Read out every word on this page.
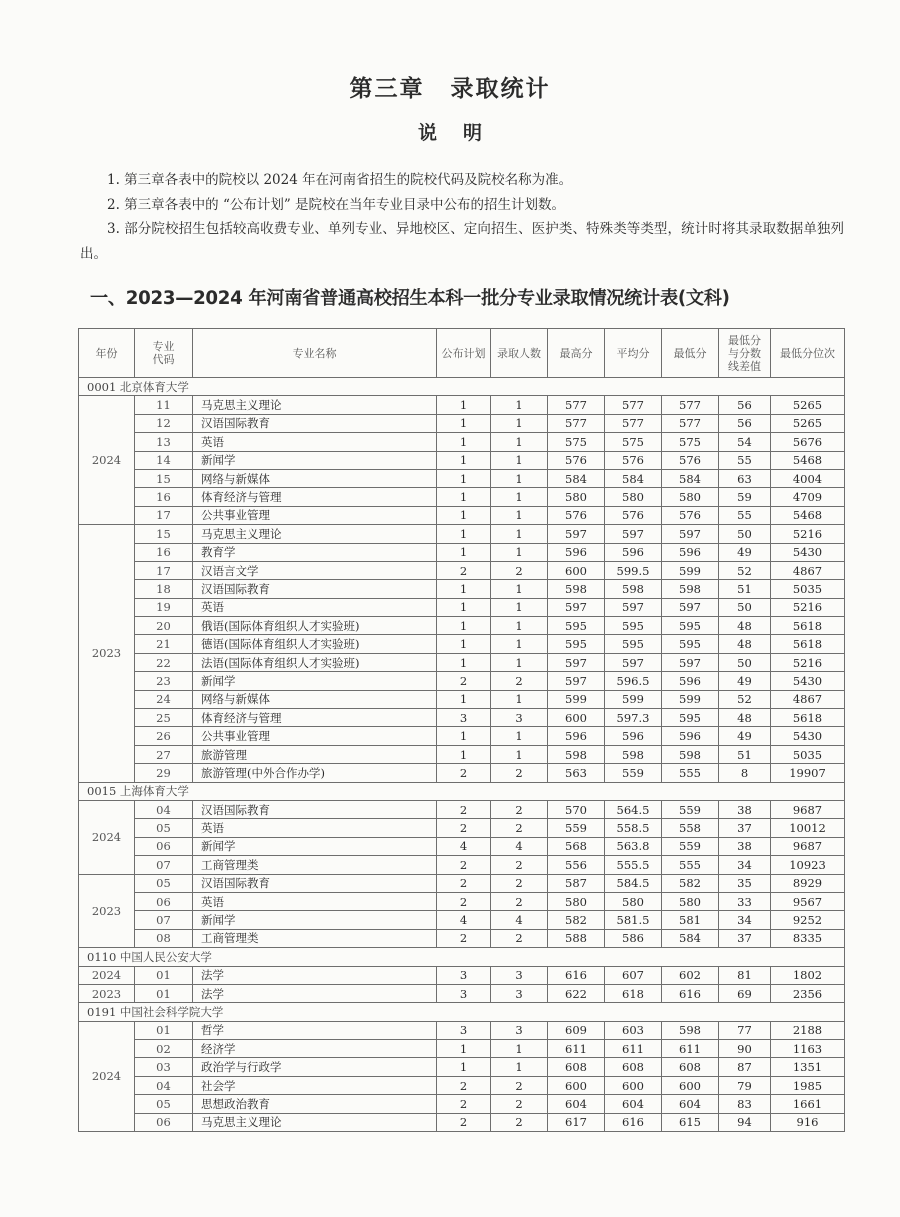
第三章 录取统计
说明

1. 第三章各表中的院校以 2024 年在河南省招生的院校代码及院校名称为准。

2. 第三章各表中的 “公布计划” 是院校在当年专业目录中公布的招生计划数。

3. 部分院校招生包括较高收费专业、单列专业、异地校区、定向招生、医护类、特殊类等类型，统计时将其录取数据单独列出。

一、2023—2024 年河南省普通高校招生本科一批分专业录取情况统计表(文科)
年份	专业代码	专业名称	公布计划	录取人数	最高分	平均分	最低分	最低分与分数线差值	最低分位次
0001 北京体育大学									
2024	11	马克思主义理论	1	1	577	577	577	56	5265
	12	汉语国际教育	1	1	577	577	577	56	5265
	13	英语	1	1	575	575	575	54	5676
	14	新闻学	1	1	576	576	576	55	5468
	15	网络与新媒体	1	1	584	584	584	63	4004
	16	体育经济与管理	1	1	580	580	580	59	4709
	17	公共事业管理	1	1	576	576	576	55	5468
2023	15	马克思主义理论	1	1	597	597	597	50	5216
	16	教育学	1	1	596	596	596	49	5430
	17	汉语言文学	2	2	600	599.5	599	52	4867
	18	汉语国际教育	1	1	598	598	598	51	5035
	19	英语	1	1	597	597	597	50	5216
	20	俄语(国际体育组织人才实验班)	1	1	595	595	595	48	5618
	21	德语(国际体育组织人才实验班)	1	1	595	595	595	48	5618
	22	法语(国际体育组织人才实验班)	1	1	597	597	597	50	5216
	23	新闻学	2	2	597	596.5	596	49	5430
	24	网络与新媒体	1	1	599	599	599	52	4867
	25	体育经济与管理	3	3	600	597.3	595	48	5618
	26	公共事业管理	1	1	596	596	596	49	5430
	27	旅游管理	1	1	598	598	598	51	5035
	29	旅游管理(中外合作办学)	2	2	563	559	555	8	19907
0015 上海体育大学									
2024	04	汉语国际教育	2	2	570	564.5	559	38	9687
	05	英语	2	2	559	558.5	558	37	10012
	06	新闻学	4	4	568	563.8	559	38	9687
	07	工商管理类	2	2	556	555.5	555	34	10923
2023	05	汉语国际教育	2	2	587	584.5	582	35	8929
	06	英语	2	2	580	580	580	33	9567
	07	新闻学	4	4	582	581.5	581	34	9252
	08	工商管理类	2	2	588	586	584	37	8335
0110 中国人民公安大学									
2024	01	法学	3	3	616	607	602	81	1802
2023	01	法学	3	3	622	618	616	69	2356
0191 中国社会科学院大学									
2024	01	哲学	3	3	609	603	598	77	2188
	02	经济学	1	1	611	611	611	90	1163
	03	政治学与行政学	1	1	608	608	608	87	1351
	04	社会学	2	2	600	600	600	79	1985
	05	思想政治教育	2	2	604	604	604	83	1661
	06	马克思主义理论	2	2	617	616	615	94	916
